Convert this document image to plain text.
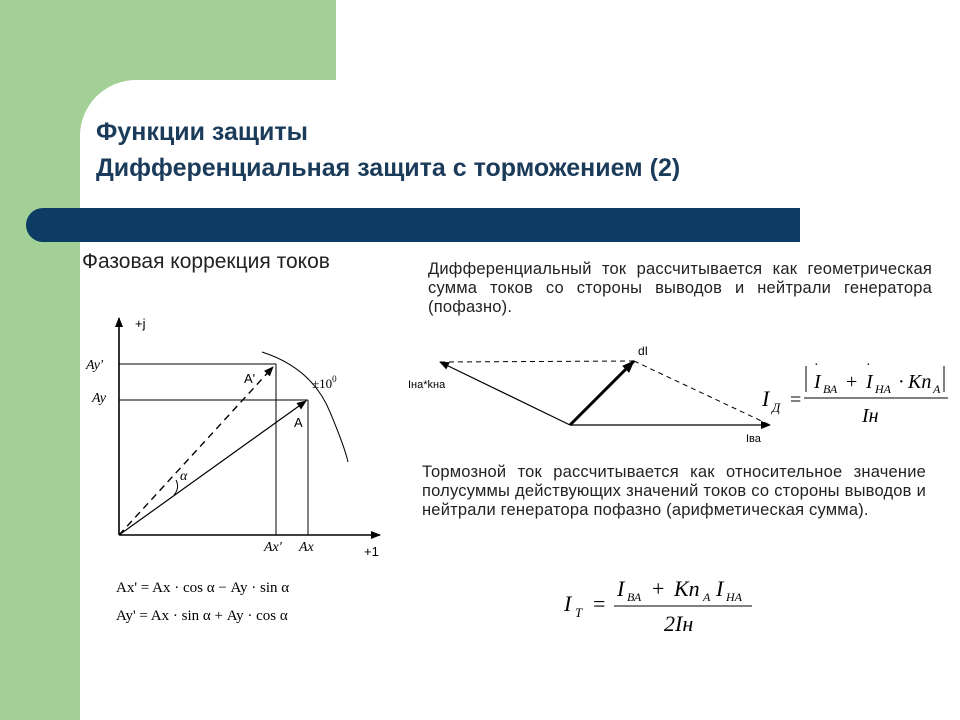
Функции защиты
Дифференциальная защита с торможением (2)
Фазовая коррекция токов	Дифференциальный ток рассчитывается как геометрическая сумма токов со стороны выводов и нейтрали генератора (пофазно).
Тормозной ток рассчитывается как относительное значение полусуммы действующих значений токов со стороны выводов и нейтрали генератора пофазно (арифметическая сумма).
+j
+1
Ay'
Ay
Ax' Ax
A'
A
$\pm 10^0$
α
Ax' = Ax · cos α − Ay · sin α
Ay' = Ax · sin α + Ay · cos α
dI
Iна*kна
Iва
I Д =
I
·
ВА + I
·
НА · Kn A
Iн
I Т =
I ВА + Kn A I НА
2Iн
